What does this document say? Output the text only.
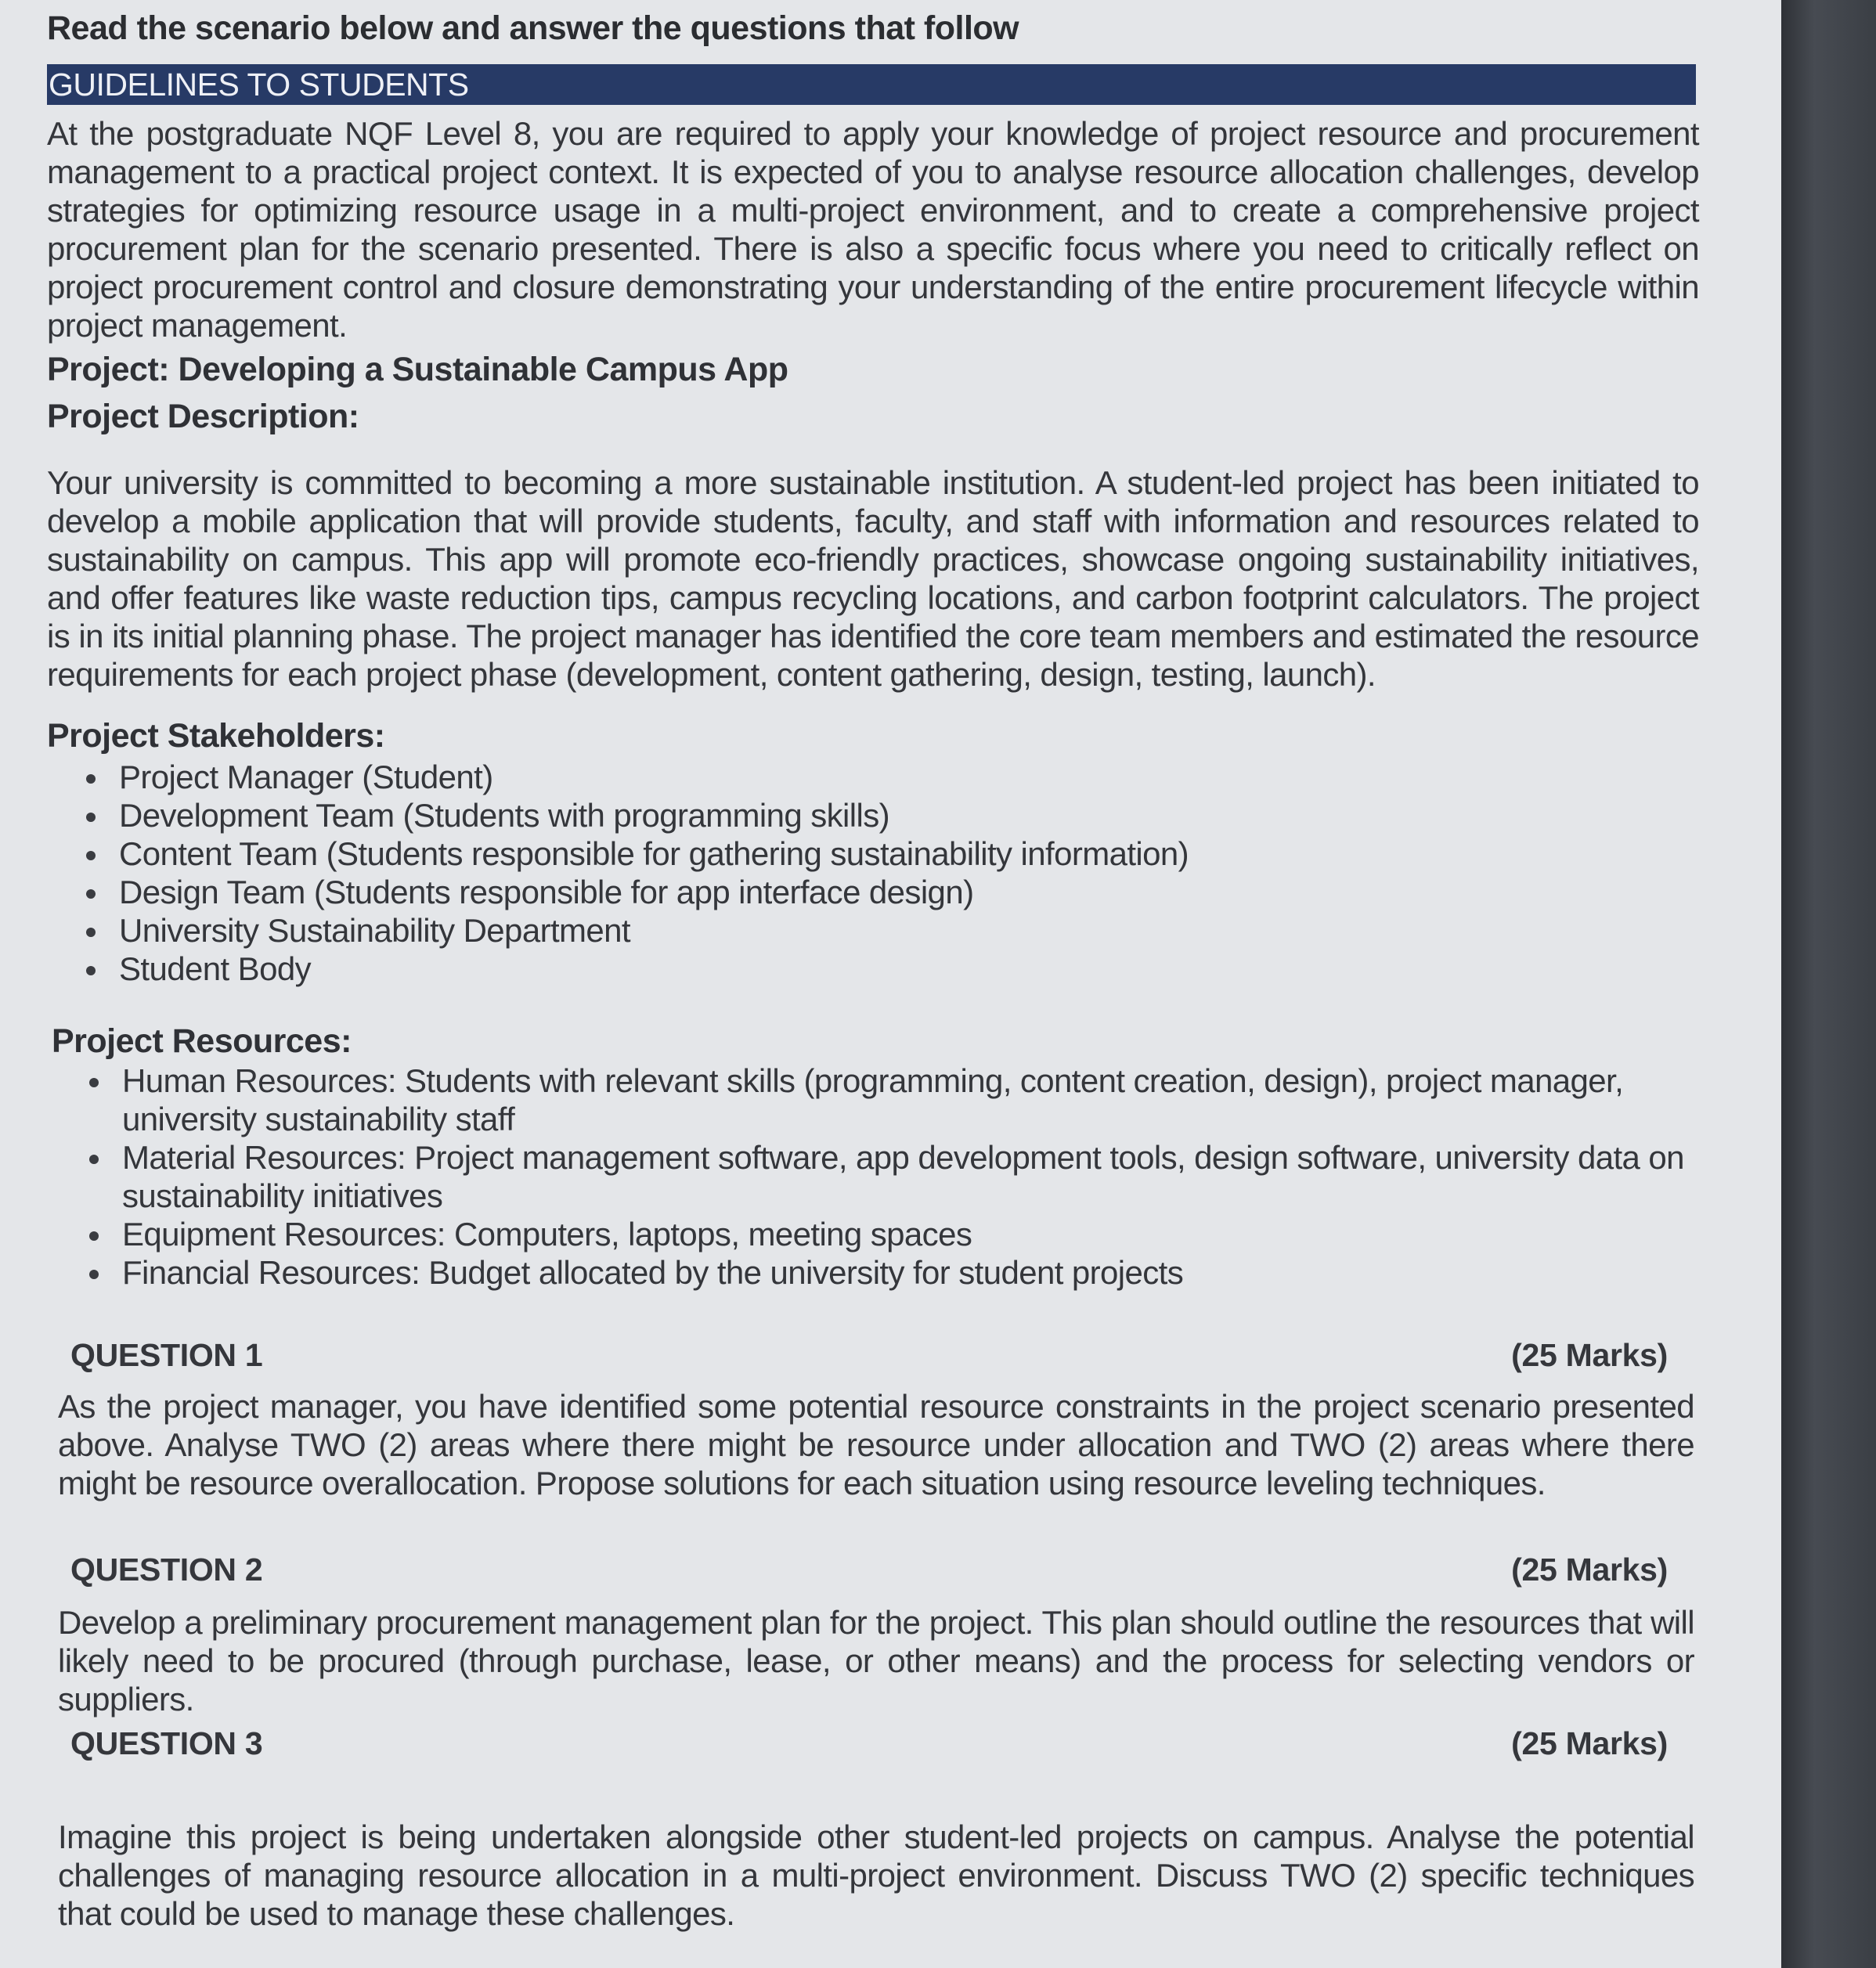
Read the scenario below and answer the questions that follow
GUIDELINES TO STUDENTS
At the postgraduate NQF Level 8, you are required to apply your knowledge of project resource and procurement management to a practical project context. It is expected of you to analyse resource allocation challenges, develop strategies for optimizing resource usage in a multi-project environment, and to create a comprehensive project procurement plan for the scenario presented. There is also a specific focus where you need to critically reflect on project procurement control and closure demonstrating your understanding of the entire procurement lifecycle within project management.
Project: Developing a Sustainable Campus App
Project Description:
Your university is committed to becoming a more sustainable institution. A student-led project has been initiated to develop a mobile application that will provide students, faculty, and staff with information and resources related to sustainability on campus. This app will promote eco-friendly practices, showcase ongoing sustainability initiatives, and offer features like waste reduction tips, campus recycling locations, and carbon footprint calculators. The project is in its initial planning phase. The project manager has identified the core team members and estimated the resource requirements for each project phase (development, content gathering, design, testing, launch).
Project Stakeholders:
Project Manager (Student)
Development Team (Students with programming skills)
Content Team (Students responsible for gathering sustainability information)
Design Team (Students responsible for app interface design)
University Sustainability Department
Student Body
Project Resources:
Human Resources: Students with relevant skills (programming, content creation, design), project manager, university sustainability staff
Material Resources: Project management software, app development tools, design software, university data on sustainability initiatives
Equipment Resources: Computers, laptops, meeting spaces
Financial Resources: Budget allocated by the university for student projects
QUESTION 1	(25 Marks)
As the project manager, you have identified some potential resource constraints in the project scenario presented above. Analyse TWO (2) areas where there might be resource under allocation and TWO (2) areas where there might be resource overallocation. Propose solutions for each situation using resource leveling techniques.
QUESTION 2	(25 Marks)
Develop a preliminary procurement management plan for the project. This plan should outline the resources that will likely need to be procured (through purchase, lease, or other means) and the process for selecting vendors or suppliers.
QUESTION 3	(25 Marks)
Imagine this project is being undertaken alongside other student-led projects on campus. Analyse the potential challenges of managing resource allocation in a multi-project environment. Discuss TWO (2) specific techniques that could be used to manage these challenges.
